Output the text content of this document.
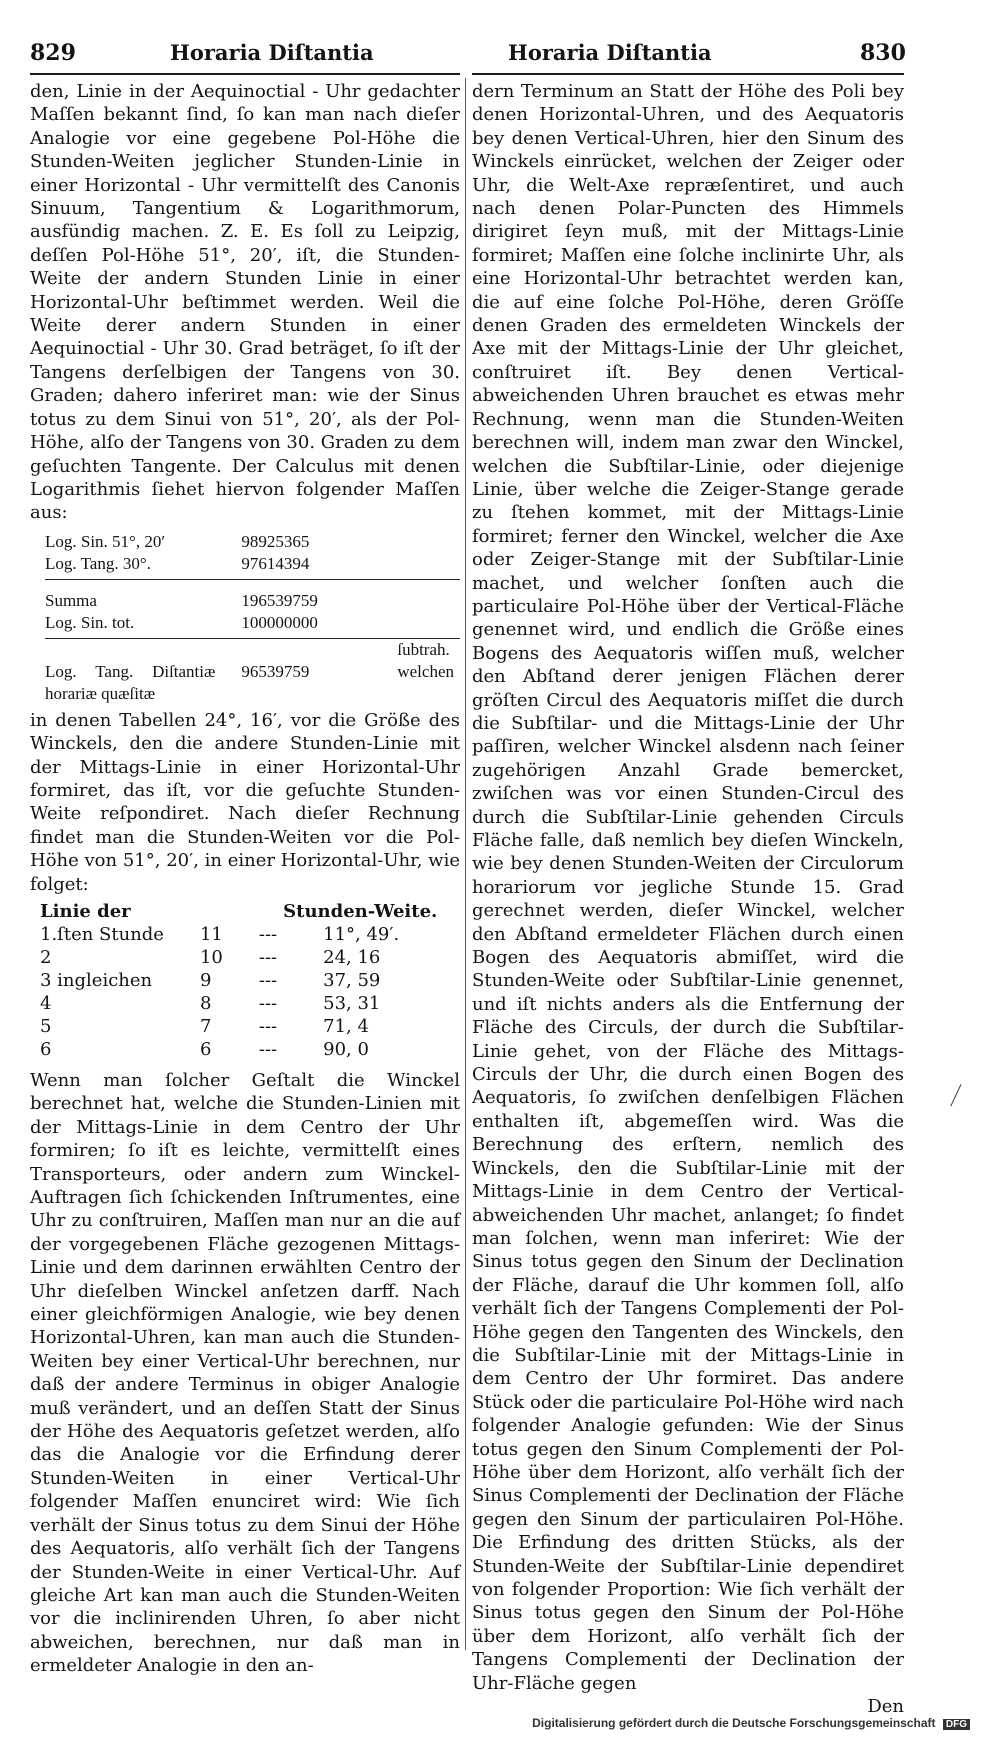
829	Horaria Diſtantia	Horaria Diſtantia	830

den, Linie in der Aequinoctial - Uhr gedachter Maſſen bekannt ſind, ſo kan man nach dieſer Analogie vor eine gegebene Pol-Höhe die Stunden-Weiten jeglicher Stunden-Linie in einer Horizontal - Uhr vermittelſt des Canonis Sinuum, Tangentium & Logarithmorum, ausfündig machen. Z. E. Es ſoll zu Leipzig, deſſen Pol-Höhe 51°, 20′, iſt, die Stunden-Weite der andern Stunden Linie in einer Horizontal-Uhr beſtimmet werden. Weil die Weite derer andern Stunden in einer Aequinoctial - Uhr 30. Grad beträget, ſo iſt der Tangens derſelbigen der Tangens von 30. Graden; dahero inferiret man: wie der Sinus totus zu dem Sinui von 51°, 20′, als der Pol-Höhe, alſo der Tangens von 30. Graden zu dem geſuchten Tangente. Der Calculus mit denen Logarithmis ſiehet hiervon folgender Maſſen aus:

Log. Sin. 51°, 20′	98925365	
Log. Tang. 30°.	97614394	

Summa	196539759	
Log. Sin. tot.	100000000	

		ſubtrah.
Log. Tang. Diſtantiæ horariæ quæſitæ	96539759	welchen

in denen Tabellen 24°, 16′, vor die Größe des Winckels, den die andere Stunden-Linie mit der Mittags-Linie in einer Horizontal-Uhr formiret, das iſt, vor die geſuchte Stunden-Weite reſpondiret. Nach dieſer Rechnung findet man die Stunden-Weiten vor die Pol-Höhe von 51°, 20′, in einer Horizontal-Uhr, wie folget:

Linie der			Stunden-Weite.
1.ſten Stunde	11	---	11°, 49′.
2	10	---	24, 16
3 ingleichen	9	---	37, 59
4	8	---	53, 31
5	7	---	71, 4
6	6	---	90, 0

Wenn man ſolcher Geſtalt die Winckel berechnet hat, welche die Stunden-Linien mit der Mittags-Linie in dem Centro der Uhr formiren; ſo iſt es leichte, vermittelſt eines Transporteurs, oder andern zum Winckel-Auftragen ſich ſchickenden Inſtrumentes, eine Uhr zu conſtruiren, Maſſen man nur an die auf der vorgegebenen Fläche gezogenen Mittags-Linie und dem darinnen erwählten Centro der Uhr dieſelben Winckel anſetzen darff. Nach einer gleichförmigen Analogie, wie bey denen Horizontal-Uhren, kan man auch die Stunden-Weiten bey einer Vertical-Uhr berechnen, nur daß der andere Terminus in obiger Analogie muß verändert, und an deſſen Statt der Sinus der Höhe des Aequatoris geſetzet werden, alſo das die Analogie vor die Erfindung derer Stunden-Weiten in einer Vertical-Uhr folgender Maſſen enunciret wird: Wie ſich verhält der Sinus totus zu dem Sinui der Höhe des Aequatoris, alſo verhält ſich der Tangens der Stunden-Weite in einer Vertical-Uhr. Auf gleiche Art kan man auch die Stunden-Weiten vor die inclinirenden Uhren, ſo aber nicht abweichen, berechnen, nur daß man in ermeldeter Analogie in den an-

dern Terminum an Statt der Höhe des Poli bey denen Horizontal-Uhren, und des Aequatoris bey denen Vertical-Uhren, hier den Sinum des Winckels einrücket, welchen der Zeiger oder Uhr, die Welt-Axe repræſentiret, und auch nach denen Polar-Puncten des Himmels dirigiret ſeyn muß, mit der Mittags-Linie formiret; Maſſen eine ſolche inclinirte Uhr, als eine Horizontal-Uhr betrachtet werden kan, die auf eine ſolche Pol-Höhe, deren Gröſſe denen Graden des ermeldeten Winckels der Axe mit der Mittags-Linie der Uhr gleichet, conſtruiret iſt. Bey denen Vertical- abweichenden Uhren brauchet es etwas mehr Rechnung, wenn man die Stunden-Weiten berechnen will, indem man zwar den Winckel, welchen die Subſtilar-Linie, oder diejenige Linie, über welche die Zeiger-Stange gerade zu ſtehen kommet, mit der Mittags-Linie formiret; ferner den Winckel, welcher die Axe oder Zeiger-Stange mit der Subſtilar-Linie machet, und welcher ſonſten auch die particulaire Pol-Höhe über der Vertical-Fläche genennet wird, und endlich die Größe eines Bogens des Aequatoris wiſſen muß, welcher den Abſtand derer jenigen Flächen derer gröſten Circul des Aequatoris miſſet die durch die Subſtilar- und die Mittags-Linie der Uhr paſſiren, welcher Winckel alsdenn nach ſeiner zugehörigen Anzahl Grade bemercket, zwiſchen was vor einen Stunden-Circul des durch die Subſtilar-Linie gehenden Circuls Fläche falle, daß nemlich bey dieſen Winckeln, wie bey denen Stunden-Weiten der Circulorum horariorum vor jegliche Stunde 15. Grad gerechnet werden, dieſer Winckel, welcher den Abſtand ermeldeter Flächen durch einen Bogen des Aequatoris abmiſſet, wird die Stunden-Weite oder Subſtilar-Linie genennet, und iſt nichts anders als die Entfernung der Fläche des Circuls, der durch die Subſtilar-Linie gehet, von der Fläche des Mittags-Circuls der Uhr, die durch einen Bogen des Aequatoris, ſo zwiſchen denſelbigen Flächen enthalten iſt, abgemeſſen wird. Was die Berechnung des erſtern, nemlich des Winckels, den die Subſtilar-Linie mit der Mittags-Linie in dem Centro der Vertical-abweichenden Uhr machet, anlanget; ſo findet man ſolchen, wenn man inferiret: Wie der Sinus totus gegen den Sinum der Declination der Fläche, darauf die Uhr kommen ſoll, alſo verhält ſich der Tangens Complementi der Pol-Höhe gegen den Tangenten des Winckels, den die Subſtilar-Linie mit der Mittags-Linie in dem Centro der Uhr formiret. Das andere Stück oder die particulaire Pol-Höhe wird nach folgender Analogie gefunden: Wie der Sinus totus gegen den Sinum Complementi der Pol-Höhe über dem Horizont, alſo verhält ſich der Sinus Complementi der Declination der Fläche gegen den Sinum der particulairen Pol-Höhe. Die Erfindung des dritten Stücks, als der Stunden-Weite der Subſtilar-Linie dependiret von folgender Proportion: Wie ſich verhält der Sinus totus gegen den Sinum der Pol-Höhe über dem Horizont, alſo verhält ſich der Tangens Complementi der Declination der Uhr-Fläche gegen

Den
Digitalisierung gefördert durch die Deutsche Forschungsgemeinschaft DFG
